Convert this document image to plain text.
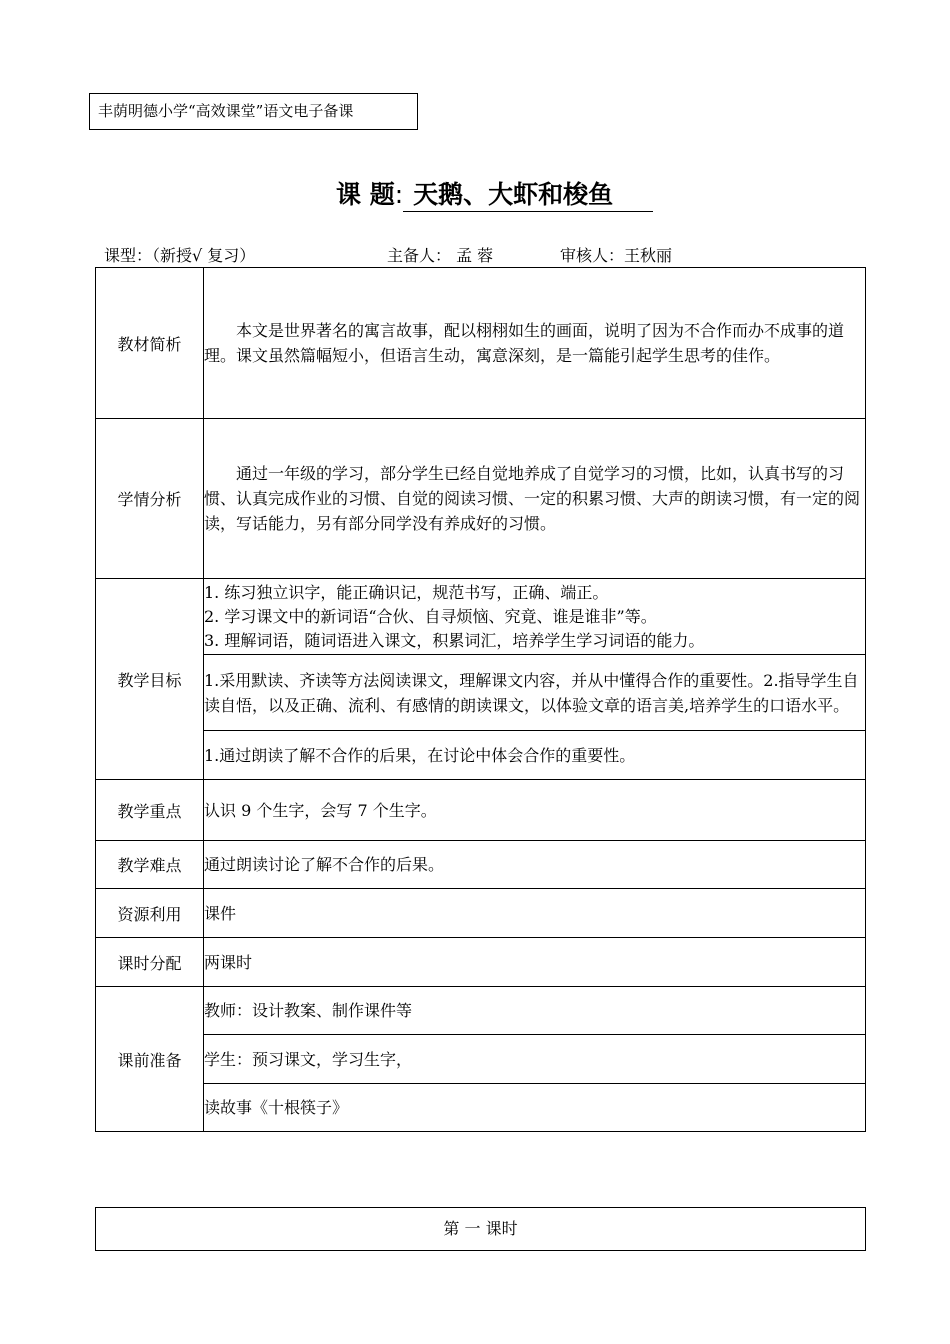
丰荫明德小学“高效课堂”语文电子备课
课 题: 天鹅、大虾和梭鱼
课型：（新授√ 复习）	主备人： 孟 蓉	审核人：王秋丽
教材简析	本文是世界著名的寓言故事，配以栩栩如生的画面，说明了因为不合作而办不成事的道理。课文虽然篇幅短小，但语言生动，寓意深刻，是一篇能引起学生思考的佳作。

学情分析	通过一年级的学习，部分学生已经自觉地养成了自觉学习的习惯，比如，认真书写的习惯、认真完成作业的习惯、自觉的阅读习惯、一定的积累习惯、大声的朗读习惯，有一定的阅读，写话能力，另有部分同学没有养成好的习惯。

教学目标	1. 练习独立识字，能正确识记，规范书写，正确、端正。
2. 学习课文中的新词语“合伙、自寻烦恼、究竟、谁是谁非”等。
3. 理解词语，随词语进入课文，积累词汇，培养学生学习词语的能力。

	1.采用默读、齐读等方法阅读课文，理解课文内容，并从中懂得合作的重要性。2.指导学生自读自悟，以及正确、流利、有感情的朗读课文，以体验文章的语言美,培养学生的口语水平。

	1.通过朗读了解不合作的后果，在讨论中体会合作的重要性。

教学重点	认识 9 个生字，会写 7 个生字。
教学难点	通过朗读讨论了解不合作的后果。
资源利用	课件
课时分配	两课时
课前准备	教师：设计教案、制作课件等
	学生：预习课文，学习生字，
	读故事《十根筷子》
第 一 课时
